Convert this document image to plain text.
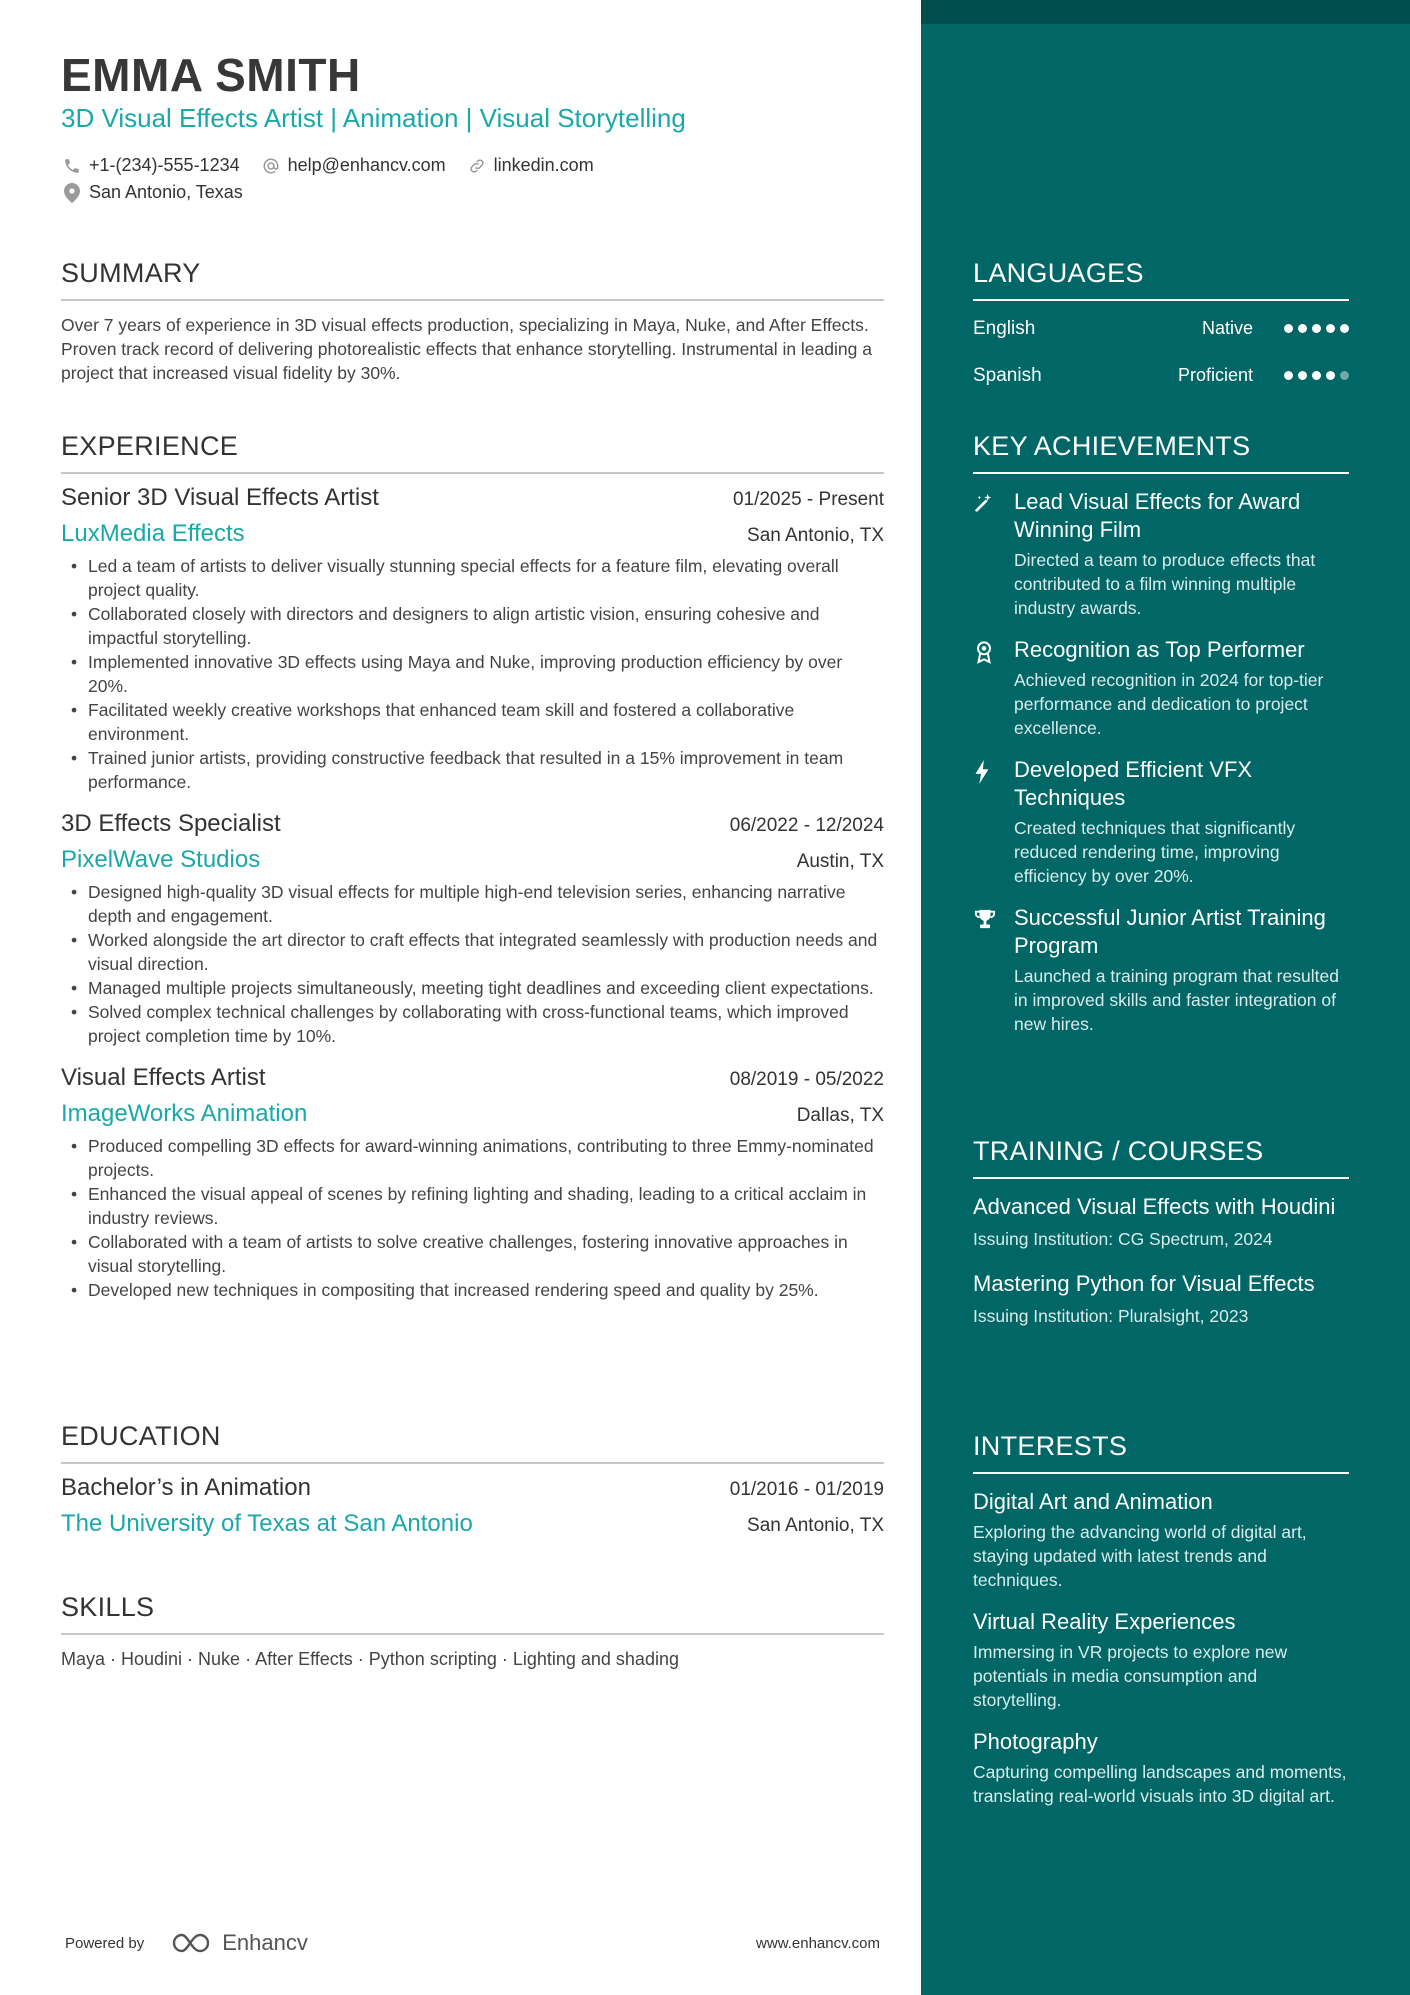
EMMA SMITH
3D Visual Effects Artist | Animation | Visual Storytelling
+1-(234)-555-1234	help@enhancv.com	linkedin.com
San Antonio, Texas
SUMMARY
Over 7 years of experience in 3D visual effects production, specializing in Maya, Nuke, and After Effects. Proven track record of delivering photorealistic effects that enhance storytelling. Instrumental in leading a project that increased visual fidelity by 30%.
EXPERIENCE
Senior 3D Visual Effects Artist	01/2025 - Present
LuxMedia Effects	San Antonio, TX
• Led a team of artists to deliver visually stunning special effects for a feature film, elevating overall project quality.
• Collaborated closely with directors and designers to align artistic vision, ensuring cohesive and impactful storytelling.
• Implemented innovative 3D effects using Maya and Nuke, improving production efficiency by over 20%.
• Facilitated weekly creative workshops that enhanced team skill and fostered a collaborative environment.
• Trained junior artists, providing constructive feedback that resulted in a 15% improvement in team performance.
3D Effects Specialist	06/2022 - 12/2024
PixelWave Studios	Austin, TX
• Designed high-quality 3D visual effects for multiple high-end television series, enhancing narrative depth and engagement.
• Worked alongside the art director to craft effects that integrated seamlessly with production needs and visual direction.
• Managed multiple projects simultaneously, meeting tight deadlines and exceeding client expectations.
• Solved complex technical challenges by collaborating with cross-functional teams, which improved project completion time by 10%.
Visual Effects Artist	08/2019 - 05/2022
ImageWorks Animation	Dallas, TX
• Produced compelling 3D effects for award-winning animations, contributing to three Emmy-nominated projects.
• Enhanced the visual appeal of scenes by refining lighting and shading, leading to a critical acclaim in industry reviews.
• Collaborated with a team of artists to solve creative challenges, fostering innovative approaches in visual storytelling.
• Developed new techniques in compositing that increased rendering speed and quality by 25%.
EDUCATION
Bachelor’s in Animation	01/2016 - 01/2019
The University of Texas at San Antonio	San Antonio, TX
SKILLS
Maya · Houdini · Nuke · After Effects · Python scripting · Lighting and shading
Powered by	Enhancv	www.enhancv.com
LANGUAGES
English	Native
Spanish	Proficient
KEY ACHIEVEMENTS
Lead Visual Effects for Award Winning Film
Directed a team to produce effects that contributed to a film winning multiple industry awards.
Recognition as Top Performer
Achieved recognition in 2024 for top-tier performance and dedication to project excellence.
Developed Efficient VFX Techniques
Created techniques that significantly reduced rendering time, improving efficiency by over 20%.
Successful Junior Artist Training Program
Launched a training program that resulted in improved skills and faster integration of new hires.
TRAINING / COURSES
Advanced Visual Effects with Houdini
Issuing Institution: CG Spectrum, 2024
Mastering Python for Visual Effects
Issuing Institution: Pluralsight, 2023
INTERESTS
Digital Art and Animation
Exploring the advancing world of digital art, staying updated with latest trends and techniques.
Virtual Reality Experiences
Immersing in VR projects to explore new potentials in media consumption and storytelling.
Photography
Capturing compelling landscapes and moments, translating real-world visuals into 3D digital art.
